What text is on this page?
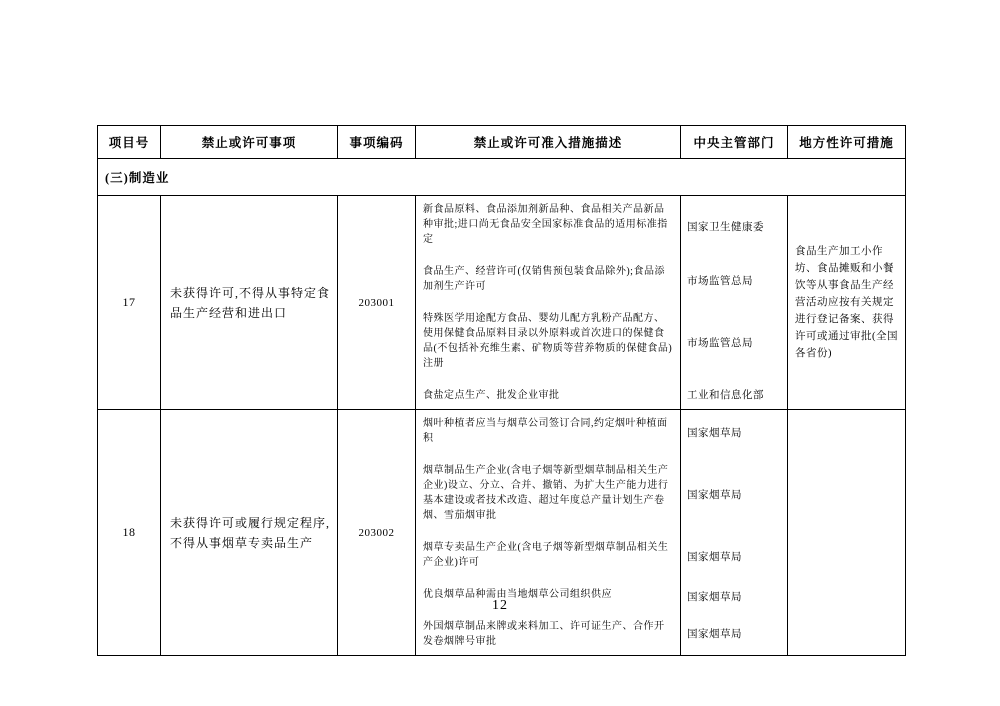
项目号	禁止或许可事项	事项编码	禁止或许可准入措施描述	中央主管部门	地方性许可措施
(三)制造业					
17	未获得许可,不得从事特定食品生产经营和进出口	203001	新食品原料、食品添加剂新品种、食品相关产品新品种审批;进口尚无食品安全国家标准食品的适用标准指定	国家卫生健康委	食品生产加工小作坊、食品摊贩和小餐饮等从事食品生产经营活动应按有关规定进行登记备案、获得许可或通过审批(全国各省份)
			食品生产、经营许可(仅销售预包装食品除外);食品添加剂生产许可	市场监管总局	
			特殊医学用途配方食品、婴幼儿配方乳粉产品配方、使用保健食品原料目录以外原料或首次进口的保健食品(不包括补充维生素、矿物质等营养物质的保健食品)注册	市场监管总局	
			食盐定点生产、批发企业审批	工业和信息化部	
18	未获得许可或履行规定程序,不得从事烟草专卖品生产	203002	烟叶种植者应当与烟草公司签订合同,约定烟叶种植面积	国家烟草局	
			烟草制品生产企业(含电子烟等新型烟草制品相关生产企业)设立、分立、合并、撤销、为扩大生产能力进行基本建设或者技术改造、超过年度总产量计划生产卷烟、雪茄烟审批	国家烟草局	
			烟草专卖品生产企业(含电子烟等新型烟草制品相关生产企业)许可	国家烟草局	
			优良烟草品种需由当地烟草公司组织供应	国家烟草局	
			外国烟草制品来牌或来料加工、许可证生产、合作开发卷烟牌号审批	国家烟草局	
12
